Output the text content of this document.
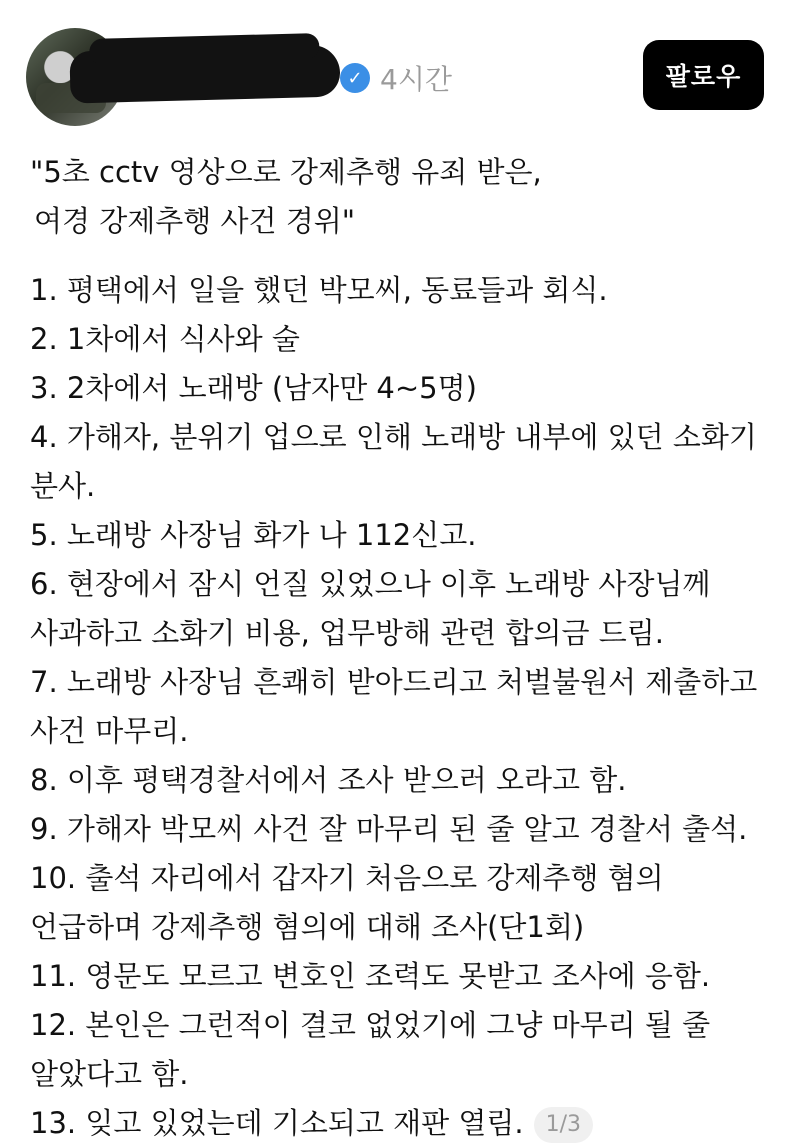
✓ 4시간	팔로우

"5초 cctv 영상으로 강제추행 유죄 받은,
여경 강제추행 사건 경위"

1. 평택에서 일을 했던 박모씨, 동료들과 회식.

2. 1차에서 식사와 술

3. 2차에서 노래방 (남자만 4~5명)

4. 가해자, 분위기 업으로 인해 노래방 내부에 있던 소화기

분사.

5. 노래방 사장님 화가 나 112신고.

6. 현장에서 잠시 언질 있었으나 이후 노래방 사장님께

사과하고 소화기 비용, 업무방해 관련 합의금 드림.

7. 노래방 사장님 흔쾌히 받아드리고 처벌불원서 제출하고

사건 마무리.

8. 이후 평택경찰서에서 조사 받으러 오라고 함.

9. 가해자 박모씨 사건 잘 마무리 된 줄 알고 경찰서 출석.

10. 출석 자리에서 갑자기 처음으로 강제추행 혐의

언급하며 강제추행 혐의에 대해 조사(단1회)

11. 영문도 모르고 변호인 조력도 못받고 조사에 응함.

12. 본인은 그런적이 결코 없었기에 그냥 마무리 될 줄

알았다고 함.

13. 잊고 있었는데 기소되고 재판 열림. 1/3
